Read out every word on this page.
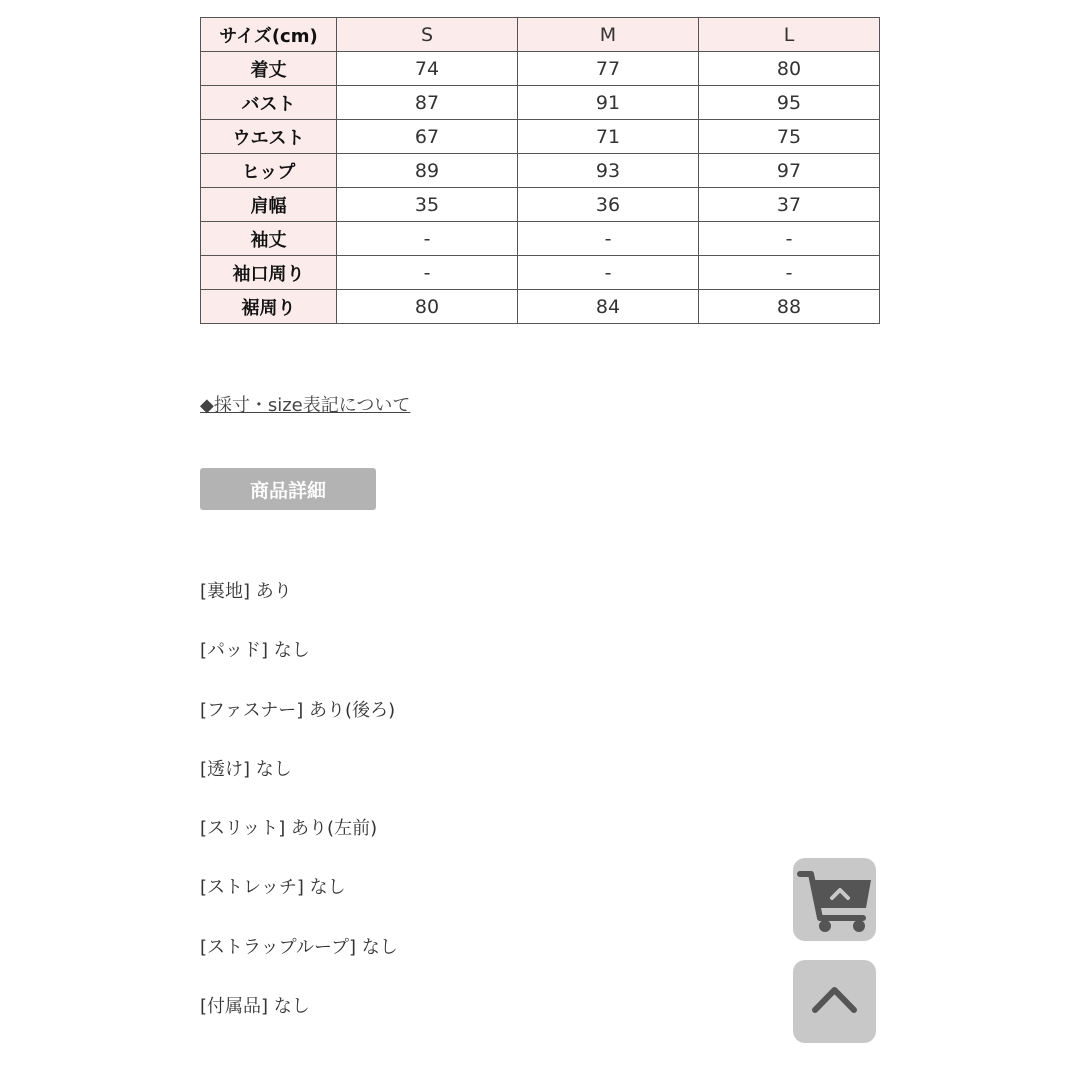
サイズ(cm)	S	M	L
着丈	74	77	80
バスト	87	91	95
ウエスト	67	71	75
ヒップ	89	93	97
肩幅	35	36	37
袖丈	-	-	-
袖口周り	-	-	-
裾周り	80	84	88
◆採寸・size表記について
商品詳細
[裏地] あり
[パッド] なし
[ファスナー] あり(後ろ)
[透け] なし
[スリット] あり(左前)
[ストレッチ] なし
[ストラップループ] なし
[付属品] なし
